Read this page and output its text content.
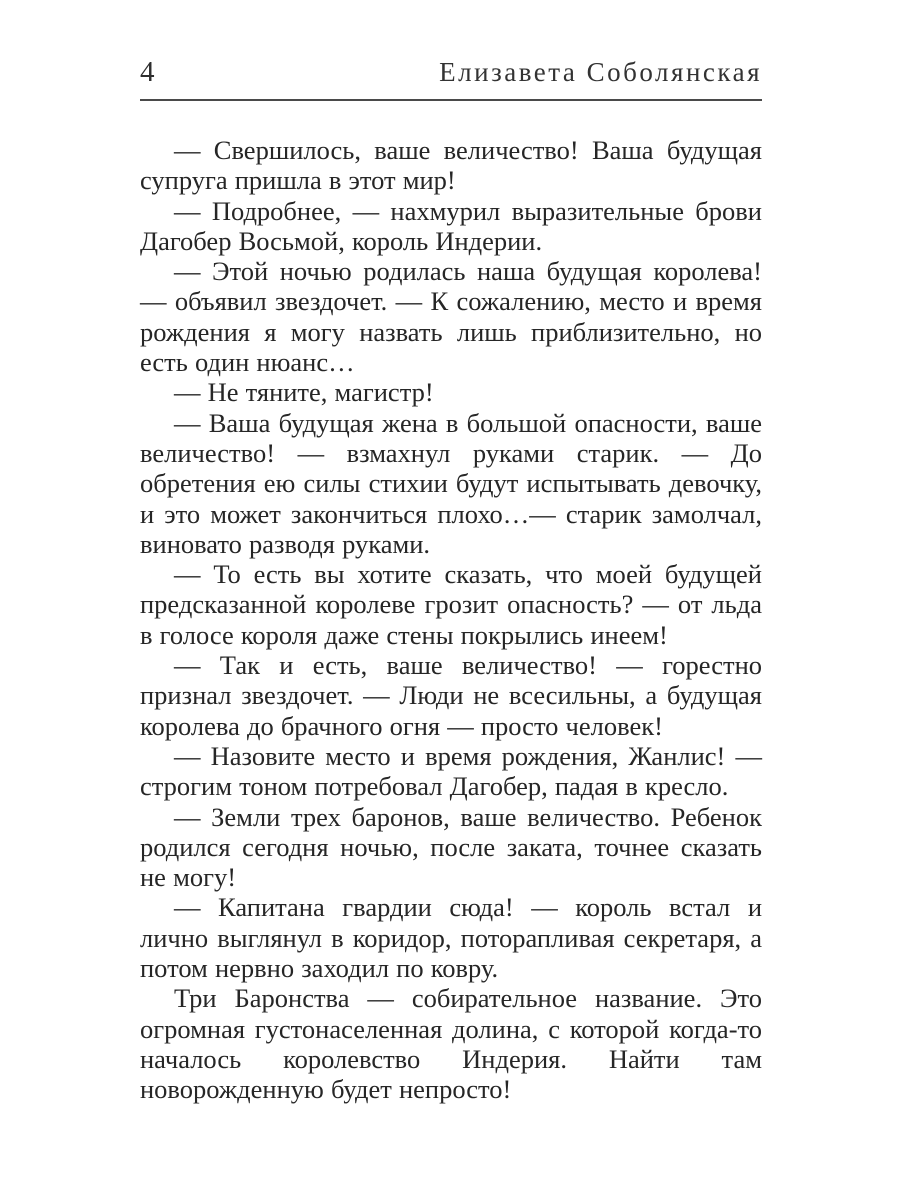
4	Елизавета Соболянская

— Свершилось, ваше величество! Ваша будущая супруга пришла в этот мир!

— Подробнее, — нахмурил выразительные брови Дагобер Восьмой, король Индерии.

— Этой ночью родилась наша будущая королева! — объявил звездочет. — К сожалению, место и время рождения я могу назвать лишь приблизительно, но есть один нюанс…

— Не тяните, магистр!

— Ваша будущая жена в большой опасности, ваше величество! — взмахнул руками старик. — До обретения ею силы стихии будут испытывать девочку, и это может закончиться плохо…— старик замолчал, виновато разводя руками.

— То есть вы хотите сказать, что моей будущей предсказанной королеве грозит опасность? — от льда в голосе короля даже стены покрылись инеем!

— Так и есть, ваше величество! — горестно признал звездочет. — Люди не всесильны, а будущая королева до брачного огня — просто человек!

— Назовите место и время рождения, Жанлис! — строгим тоном потребовал Дагобер, падая в кресло.

— Земли трех баронов, ваше величество. Ребенок родился сегодня ночью, после заката, точнее сказать не могу!

— Капитана гвардии сюда! — король встал и лично выглянул в коридор, поторапливая секретаря, а потом нервно заходил по ковру.

Три Баронства — собирательное название. Это огромная густонаселенная долина, с которой когда-то началось королевство Индерия. Найти там новорожденную будет непросто!
